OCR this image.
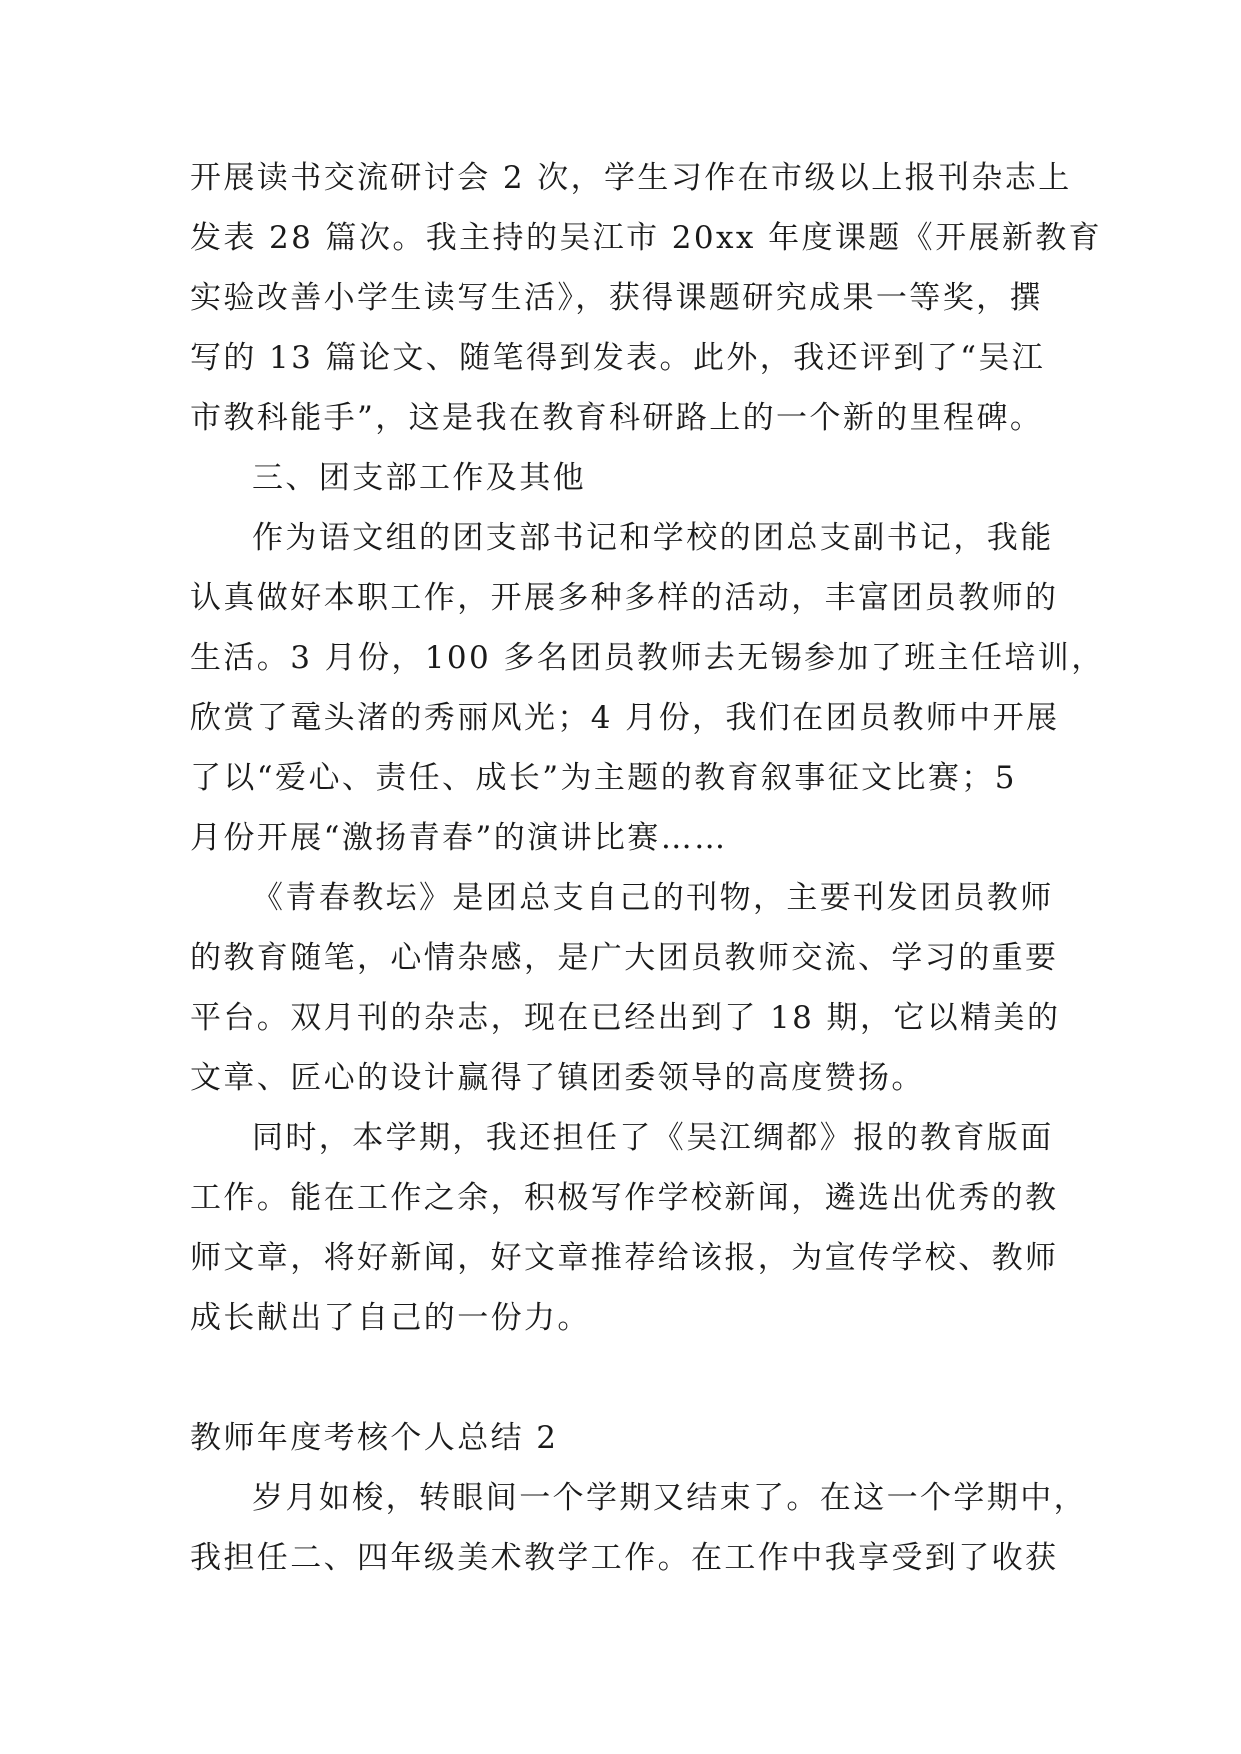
开展读书交流研讨会 2 次，学生习作在市级以上报刊杂志上
发表 28 篇次。我主持的吴江市 20xx 年度课题《开展新教育
实验改善小学生读写生活》，获得课题研究成果一等奖，撰
写的 13 篇论文、随笔得到发表。此外，我还评到了“吴江
市教科能手”，这是我在教育科研路上的一个新的里程碑。
三、团支部工作及其他
作为语文组的团支部书记和学校的团总支副书记，我能
认真做好本职工作，开展多种多样的活动，丰富团员教师的
生活。3 月份，100 多名团员教师去无锡参加了班主任培训，
欣赏了鼋头渚的秀丽风光；4 月份，我们在团员教师中开展
了以“爱心、责任、成长”为主题的教育叙事征文比赛；5
月份开展“激扬青春”的演讲比赛……
《青春教坛》是团总支自己的刊物，主要刊发团员教师
的教育随笔，心情杂感，是广大团员教师交流、学习的重要
平台。双月刊的杂志，现在已经出到了 18 期，它以精美的
文章、匠心的设计赢得了镇团委领导的高度赞扬。
同时，本学期，我还担任了《吴江绸都》报的教育版面
工作。能在工作之余，积极写作学校新闻，遴选出优秀的教
师文章，将好新闻，好文章推荐给该报，为宣传学校、教师
成长献出了自己的一份力。
教师年度考核个人总结 2
岁月如梭，转眼间一个学期又结束了。在这一个学期中，
我担任二、四年级美术教学工作。在工作中我享受到了收获
